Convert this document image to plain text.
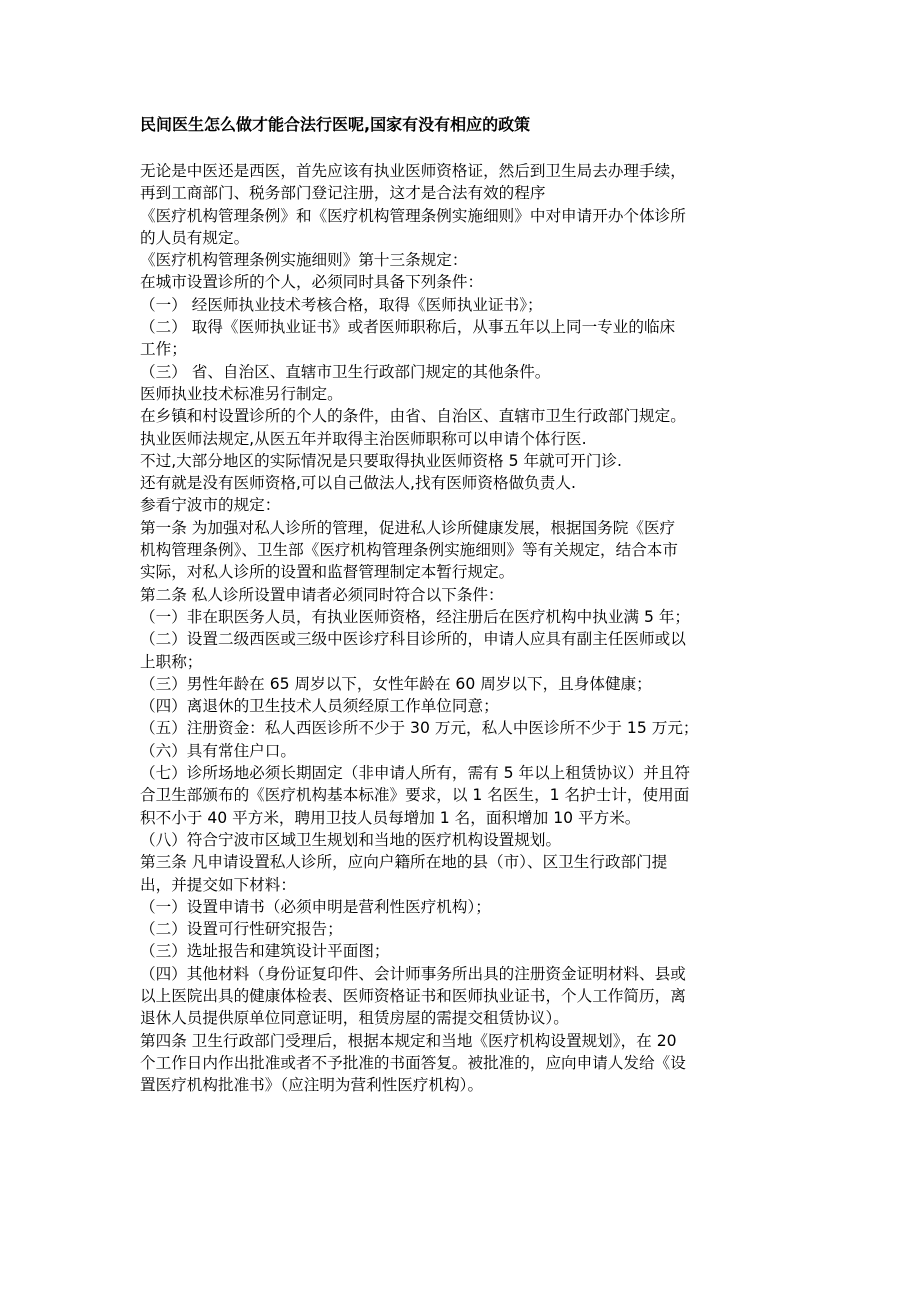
民间医生怎么做才能合法行医呢,国家有没有相应的政策

无论是中医还是西医，首先应该有执业医师资格证，然后到卫生局去办理手续，

再到工商部门、税务部门登记注册，这才是合法有效的程序

《医疗机构管理条例》和《医疗机构管理条例实施细则》中对申请开办个体诊所

的人员有规定。

《医疗机构管理条例实施细则》第十三条规定：

在城市设置诊所的个人，必须同时具备下列条件：

（一） 经医师执业技术考核合格，取得《医师执业证书》；

（二） 取得《医师执业证书》或者医师职称后，从事五年以上同一专业的临床

工作；

（三） 省、自治区、直辖市卫生行政部门规定的其他条件。

医师执业技术标准另行制定。

在乡镇和村设置诊所的个人的条件，由省、自治区、直辖市卫生行政部门规定。

执业医师法规定,从医五年并取得主治医师职称可以申请个体行医.

不过,大部分地区的实际情况是只要取得执业医师资格 5 年就可开门诊.

还有就是没有医师资格,可以自己做法人,找有医师资格做负责人.

参看宁波市的规定：

第一条 为加强对私人诊所的管理，促进私人诊所健康发展，根据国务院《医疗

机构管理条例》、卫生部《医疗机构管理条例实施细则》等有关规定，结合本市

实际，对私人诊所的设置和监督管理制定本暂行规定。

第二条 私人诊所设置申请者必须同时符合以下条件：

（一）非在职医务人员，有执业医师资格，经注册后在医疗机构中执业满 5 年；

（二）设置二级西医或三级中医诊疗科目诊所的，申请人应具有副主任医师或以

上职称；

（三）男性年龄在 65 周岁以下，女性年龄在 60 周岁以下，且身体健康；

（四）离退休的卫生技术人员须经原工作单位同意；

（五）注册资金：私人西医诊所不少于 30 万元，私人中医诊所不少于 15 万元；

（六）具有常住户口。

（七）诊所场地必须长期固定（非申请人所有，需有 5 年以上租赁协议）并且符

合卫生部颁布的《医疗机构基本标准》要求，以 1 名医生，1 名护士计，使用面

积不小于 40 平方米，聘用卫技人员每增加 1 名，面积增加 10 平方米。

（八）符合宁波市区域卫生规划和当地的医疗机构设置规划。

第三条 凡申请设置私人诊所，应向户籍所在地的县（市）、区卫生行政部门提

出，并提交如下材料：

（一）设置申请书（必须申明是营利性医疗机构）；

（二）设置可行性研究报告；

（三）选址报告和建筑设计平面图；

（四）其他材料（身份证复印件、会计师事务所出具的注册资金证明材料、县或

以上医院出具的健康体检表、医师资格证书和医师执业证书，个人工作简历，离

退休人员提供原单位同意证明，租赁房屋的需提交租赁协议）。

第四条 卫生行政部门受理后，根据本规定和当地《医疗机构设置规划》，在 20

个工作日内作出批准或者不予批准的书面答复。被批准的，应向申请人发给《设

置医疗机构批准书》（应注明为营利性医疗机构）。
